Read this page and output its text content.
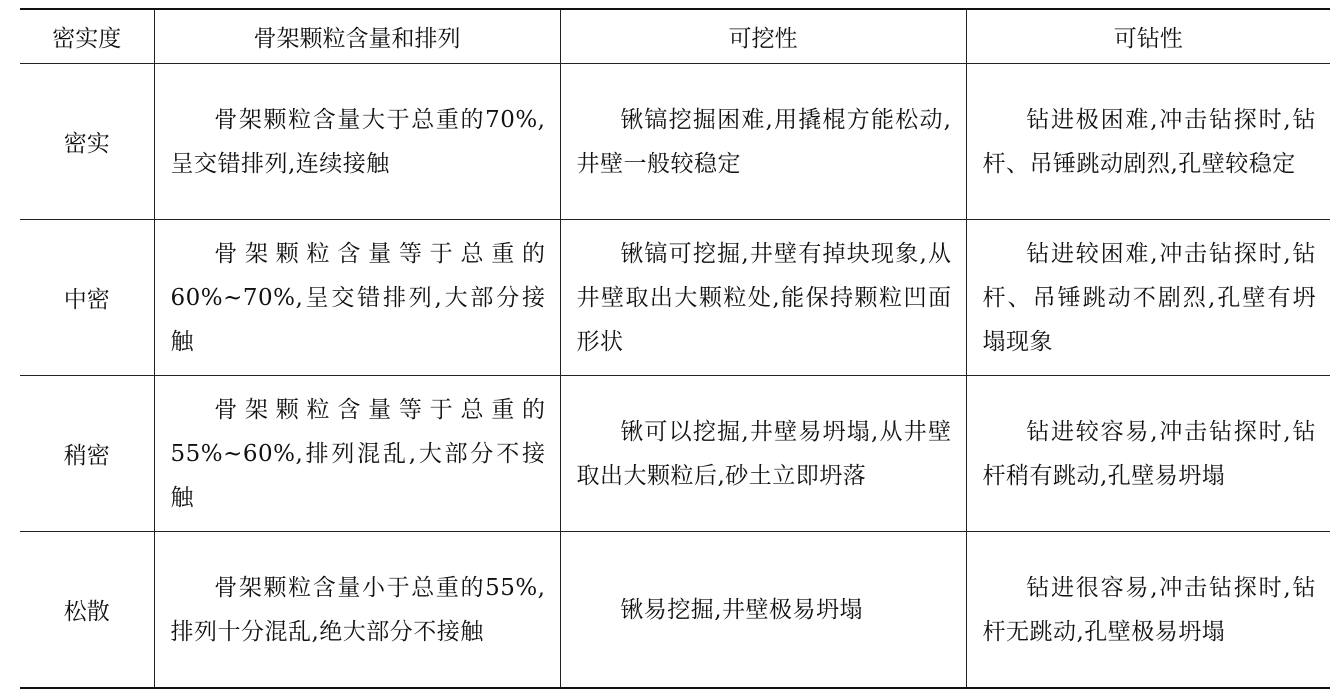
密实度	骨架颗粒含量和排列	可挖性	可钻性
密实	骨架颗粒含量大于总重的70%,呈交错排列,连续接触	锹镐挖掘困难,用撬棍方能松动,井壁一般较稳定	钻进极困难,冲击钻探时,钻杆、吊锤跳动剧烈,孔壁较稳定
中密	骨架颗粒含量等于总重的60%~70%,呈交错排列,大部分接触	锹镐可挖掘,井壁有掉块现象,从井壁取出大颗粒处,能保持颗粒凹面形状	钻进较困难,冲击钻探时,钻杆、吊锤跳动不剧烈,孔壁有坍塌现象
稍密	骨架颗粒含量等于总重的55%~60%,排列混乱,大部分不接触	锹可以挖掘,井壁易坍塌,从井壁取出大颗粒后,砂土立即坍落	钻进较容易,冲击钻探时,钻杆稍有跳动,孔壁易坍塌
松散	骨架颗粒含量小于总重的55%,排列十分混乱,绝大部分不接触	锹易挖掘,井壁极易坍塌	钻进很容易,冲击钻探时,钻杆无跳动,孔壁极易坍塌
